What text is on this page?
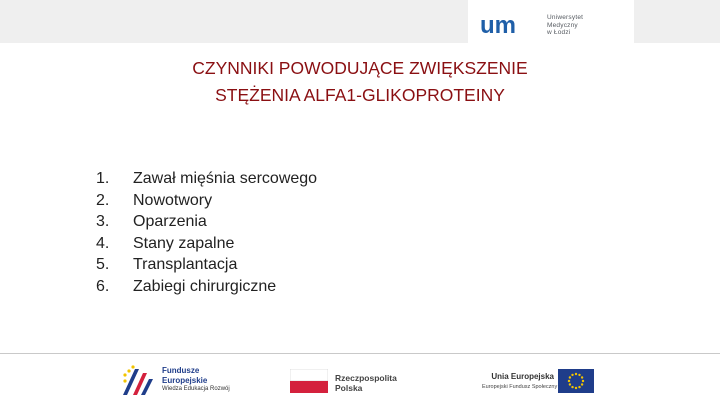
um	Uniwersytet
Medyczny
w Łodzi
CZYNNIKI POWODUJĄCE ZWIĘKSZENIE
STĘŻENIA ALFA1-GLIKOPROTEINY
1.	Zawał mięśnia sercowego
2.	Nowotwory
3.	Oparzenia
4.	Stany zapalne
5.	Transplantacja
6.	Zabiegi chirurgiczne
Fundusze
Europejskie
Wiedza Edukacja Rozwój
Rzeczpospolita
Polska
Unia Europejska
Europejski Fundusz Społeczny
